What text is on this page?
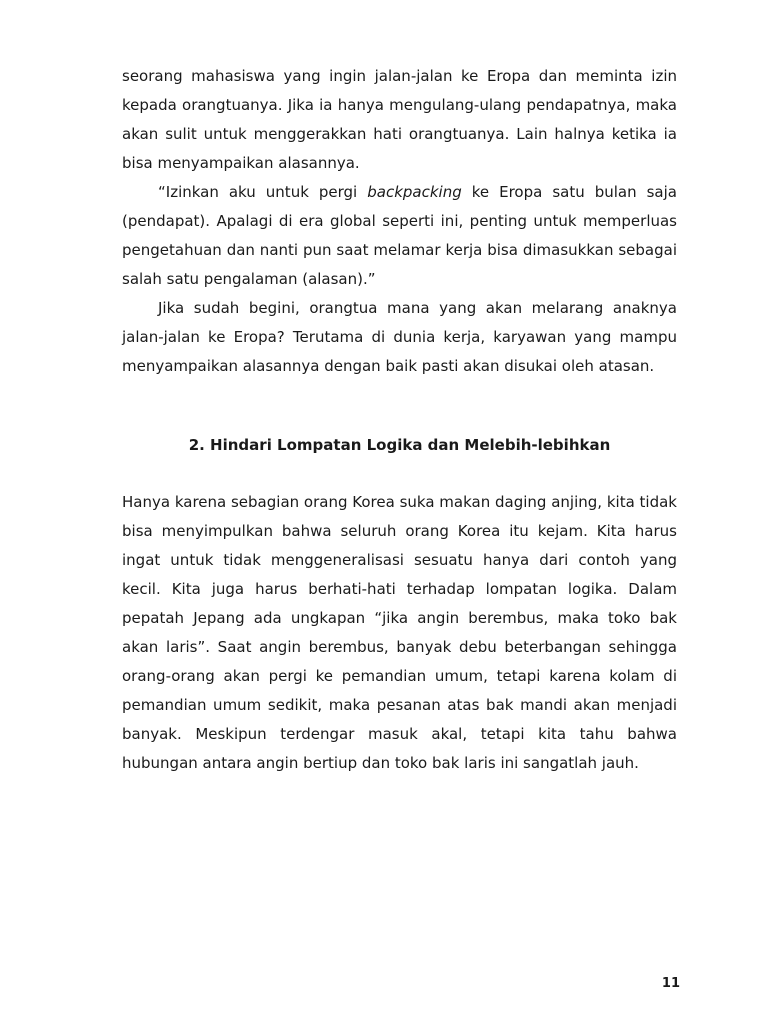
seorang mahasiswa yang ingin jalan-jalan ke Eropa dan meminta izin kepada orangtuanya. Jika ia hanya mengulang-ulang pendapatnya, maka akan sulit untuk menggerakkan hati orangtuanya. Lain halnya ketika ia bisa menyampaikan alasannya.

“Izinkan aku untuk pergi backpacking ke Eropa satu bulan saja (pendapat). Apalagi di era global seperti ini, penting untuk memperluas pengetahuan dan nanti pun saat melamar kerja bisa dimasukkan sebagai salah satu pengalaman (alasan).”

Jika sudah begini, orangtua mana yang akan melarang anaknya jalan-jalan ke Eropa? Terutama di dunia kerja, karyawan yang mampu menyampaikan alasannya dengan baik pasti akan disukai oleh atasan.

2. Hindari Lompatan Logika dan Melebih-lebihkan

Hanya karena sebagian orang Korea suka makan daging anjing, kita tidak bisa menyimpulkan bahwa seluruh orang Korea itu kejam. Kita harus ingat untuk tidak menggeneralisasi sesuatu hanya dari contoh yang kecil. Kita juga harus berhati-hati terhadap lompatan logika. Dalam pepatah Jepang ada ungkapan “jika angin berembus, maka toko bak akan laris”. Saat angin berembus, banyak debu beterbangan sehingga orang-orang akan pergi ke pemandian umum, tetapi karena kolam di pemandian umum sedikit, maka pesanan atas bak mandi akan menjadi banyak. Meskipun terdengar masuk akal, tetapi kita tahu bahwa hubungan antara angin bertiup dan toko bak laris ini sangatlah jauh.

11
